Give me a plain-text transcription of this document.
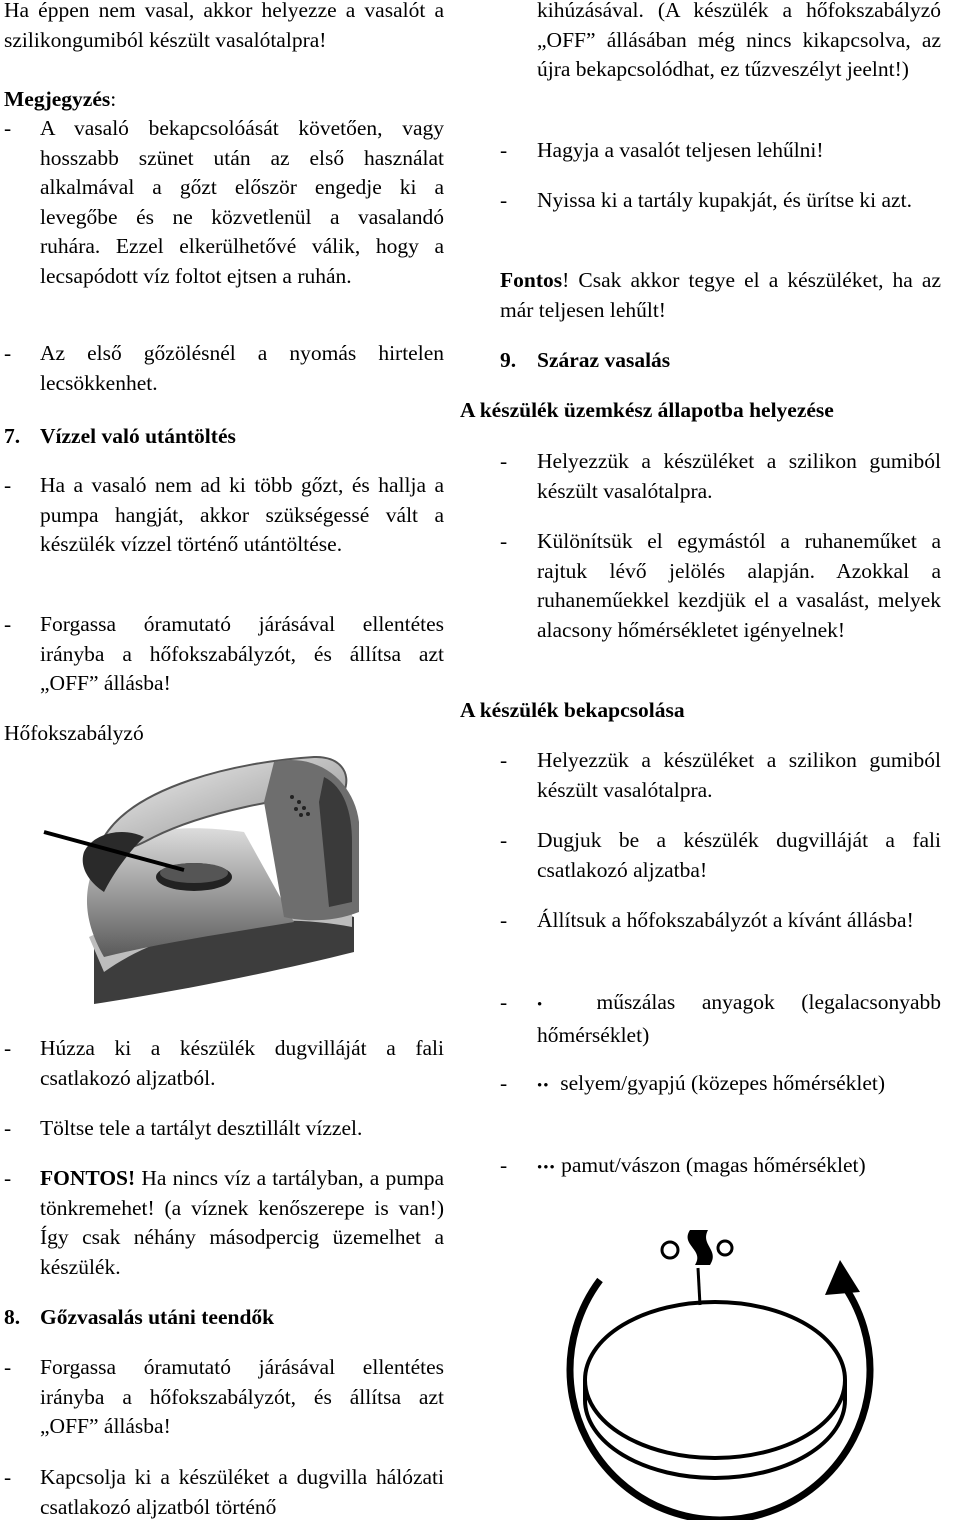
Ha éppen nem vasal, akkor helyezze a vasalót a szilikongumiból készült vasalótalpra!
Megjegyzés:
- A vasaló bekapcsolóását követően, vagy hosszabb szünet után az első használat alkalmával a gőzt először engedje ki a levegőbe és ne közvetlenül a vasalandó ruhára. Ezzel elkerülhetővé válik, hogy a lecsapódott víz foltot ejtsen a ruhán.
- Az első gőzölésnél a nyomás hirtelen lecsökkenhet.
7. Vízzel való utántöltés
- Ha a vasaló nem ad ki több gőzt, és hallja a pumpa hangját, akkor szükségessé vált a készülék vízzel történő utántöltése.
- Forgassa óramutató járásával ellentétes irányba a hőfokszabályzót, és állítsa azt „OFF” állásba!
Hőfokszabályzó
- Húzza ki a készülék dugvilláját a fali csatlakozó aljzatból.
- Töltse tele a tartályt desztillált vízzel.
- FONTOS! Ha nincs víz a tartályban, a pumpa tönkremehet! (a víznek kenőszerepe is van!) Így csak néhány másodpercig üzemelhet a készülék.
8. Gőzvasalás utáni teendők
- Forgassa óramutató járásával ellentétes irányba a hőfokszabályzót, és állítsa azt „OFF” állásba!
- Kapcsolja ki a készüléket a dugvilla hálózati csatlakozó aljzatból történő
kihúzásával. (A készülék a hőfokszabályzó „OFF” állásában még nincs kikapcsolva, az újra bekapcsolódhat, ez tűzveszélyt jeelnt!)
- Hagyja a vasalót teljesen lehűlni!
- Nyissa ki a tartály kupakját, és ürítse ki azt.
Fontos! Csak akkor tegye el a készüléket, ha az már teljesen lehűlt!
9. Száraz vasalás
A készülék üzemkész állapotba helyezése
- Helyezzük a készüléket a szilikon gumiból készült vasalótalpra.
- Különítsük el egymástól a ruhaneműket a rajtuk lévő jelölés alapján. Azokkal a ruhaneműekkel kezdjük el a vasalást, melyek alacsony hőmérsékletet igényelnek!
A készülék bekapcsolása
- Helyezzük a készüléket a szilikon gumiból készült vasalótalpra.
- Dugjuk be a készülék dugvilláját a fali csatlakozó aljzatba!
- Állítsuk a hőfokszabályzót a kívánt állásba!
- • műszálas anyagok (legalacsonyabb hőmérséklet)
- •• selyem/gyapjú (közepes hőmérséklet)
- ••• pamut/vászon (magas hőmérséklet)
